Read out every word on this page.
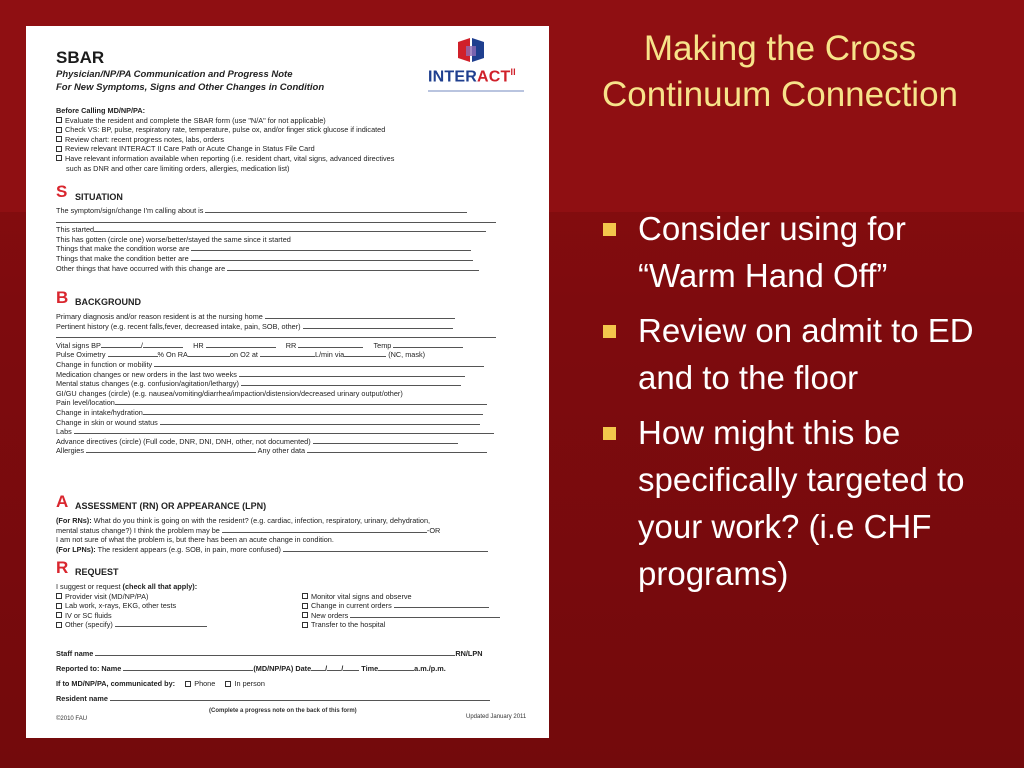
SBAR
Physician/NP/PA Communication and Progress Note
For New Symptoms, Signs and Other Changes in Condition
$INTERACT^{II}$
Before Calling MD/NP/PA:
Evaluate the resident and complete the SBAR form (use "N/A" for not applicable)
Check VS: BP, pulse, respiratory rate, temperature, pulse ox, and/or finger stick glucose if indicated
Review chart: recent progress notes, labs, orders
Review relevant INTERACT II Care Path or Acute Change in Status File Card
Have relevant information available when reporting (i.e. resident chart, vital signs, advanced directives
such as DNR and other care limiting orders, allergies, medication list)
S SITUATION
The symptom/sign/change I'm calling about is
This started
This has gotten (circle one) worse/better/stayed the same since it started
Things that make the condition worse are
Things that make the condition better are
Other things that have occurred with this change are
B BACKGROUND
Primary diagnosis and/or reason resident is at the nursing home
Pertinent history (e.g. recent falls,fever, decreased intake, pain, SOB, other)
Vital signs BP	/	HR	RR	Temp
Pulse Oximetry	% On RA	on O2 at	L/min via	(NC, mask)
Change in function or mobility
Medication changes or new orders in the last two weeks
Mental status changes (e.g. confusion/agitation/lethargy)
GI/GU changes (circle) (e.g. nausea/vomiting/diarrhea/impaction/distension/decreased urinary output/other)
Pain level/location
Change in intake/hydration
Change in skin or wound status
Labs
Advance directives (circle) (Full code, DNR, DNI, DNH, other, not documented)
Allergies	Any other data
A ASSESSMENT (RN) OR APPEARANCE (LPN)
(For RNs): What do you think is going on with the resident? (e.g. cardiac, infection, respiratory, urinary, dehydration,
mental status change?) I think the problem may be	-OR
I am not sure of what the problem is, but there has been an acute change in condition.
(For LPNs): The resident appears (e.g. SOB, in pain, more confused)
R REQUEST
I suggest or request (check all that apply):
Provider visit (MD/NP/PA)
Lab work, x-rays, EKG, other tests
IV or SC fluids
Other (specify)
Monitor vital signs and observe
Change in current orders
New orders
Transfer to the hospital
Staff name	RN/LPN
Reported to: Name	(MD/NP/PA) Date / / Time	a.m./p.m.
If to MD/NP/PA, communicated by:	Phone	In person
Resident name
(Complete a progress note on the back of this form)
©2010 FAU	Updated January 2011
Making the Cross Continuum Connection
Consider using for “Warm Hand Off”
Review on admit to ED and to the floor
How might this be specifically targeted to your work? (i.e CHF programs)
